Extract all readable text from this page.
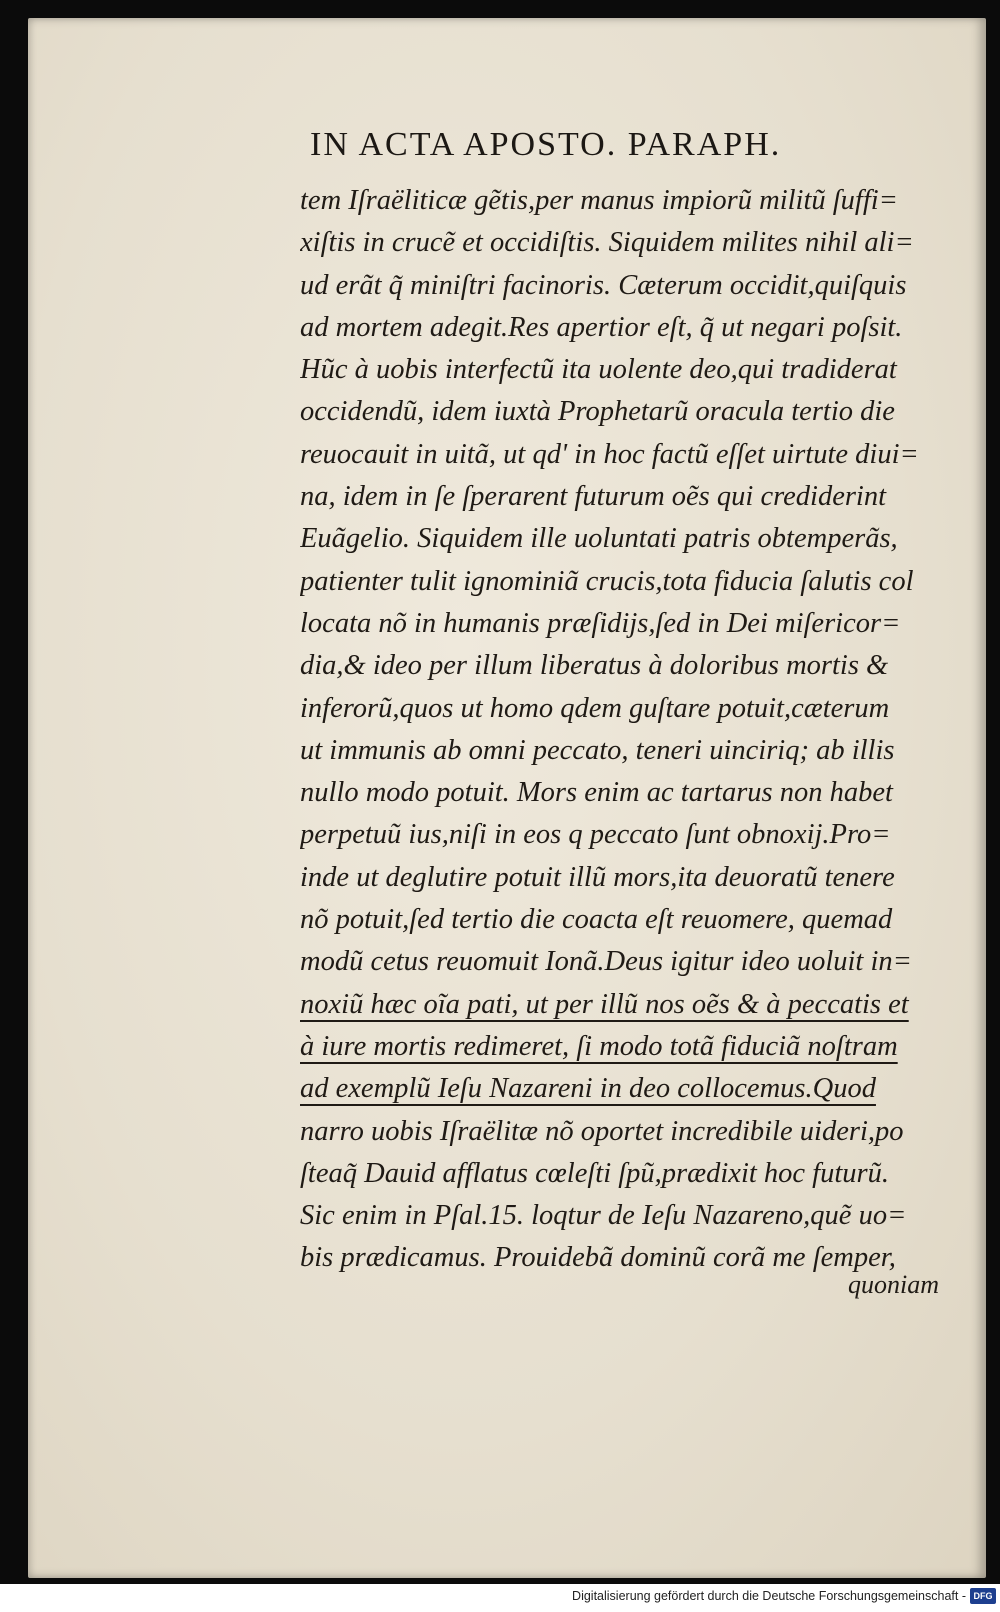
IN ACTA APOSTO. PARAPH.
tem Iſraëliticæ gẽtis,per manus impiorũ militũ ſuffi=
xiſtis in crucẽ et occidiſtis. Siquidem milites nihil ali=
ud erãt q̃ miniſtri facinoris. Cæterum occidit,quiſquis
ad mortem adegit.Res apertior eſt, q̃ ut negari poſsit.
Hũc à uobis interfectũ ita uolente deo,qui tradiderat
occidendũ, idem iuxtà Prophetarũ oracula tertio die
reuocauit in uitã, ut qd' in hoc factũ eſſet uirtute diui=
na, idem in ſe ſperarent futurum oẽs qui crediderint
Euãgelio. Siquidem ille uoluntati patris obtemperãs,
patienter tulit ignominiã crucis,tota fiducia ſalutis col
locata nõ in humanis præſidijs,ſed in Dei miſericor=
dia,& ideo per illum liberatus à doloribus mortis &
inferorũ,quos ut homo qdem guſtare potuit,cæterum
ut immunis ab omni peccato, teneri uinciriq; ab illis
nullo modo potuit. Mors enim ac tartarus non habet
perpetuũ ius,niſi in eos q peccato ſunt obnoxij.Pro=
inde ut deglutire potuit illũ mors,ita deuoratũ tenere
nõ potuit,ſed tertio die coacta eſt reuomere, quemad
modũ cetus reuomuit Ionã.Deus igitur ideo uoluit in=
noxiũ hæc oĩa pati, ut per illũ nos oẽs & à peccatis et
à iure mortis redimeret, ſi modo totã fiduciã noſtram
ad exemplũ Ieſu Nazareni in deo collocemus.Quod
narro uobis Iſraëlitæ nõ oportet incredibile uideri,po
ſteaq̃ Dauid afflatus cœleſti ſpũ,prædixit hoc futurũ.
Sic enim in Pſal.15. loqtur de Ieſu Nazareno,quẽ uo=
bis prædicamus. Prouidebã dominũ corã me ſemper,
quoniam
Digitalisierung gefördert durch die Deutsche Forschungsgemeinschaft - DFG
